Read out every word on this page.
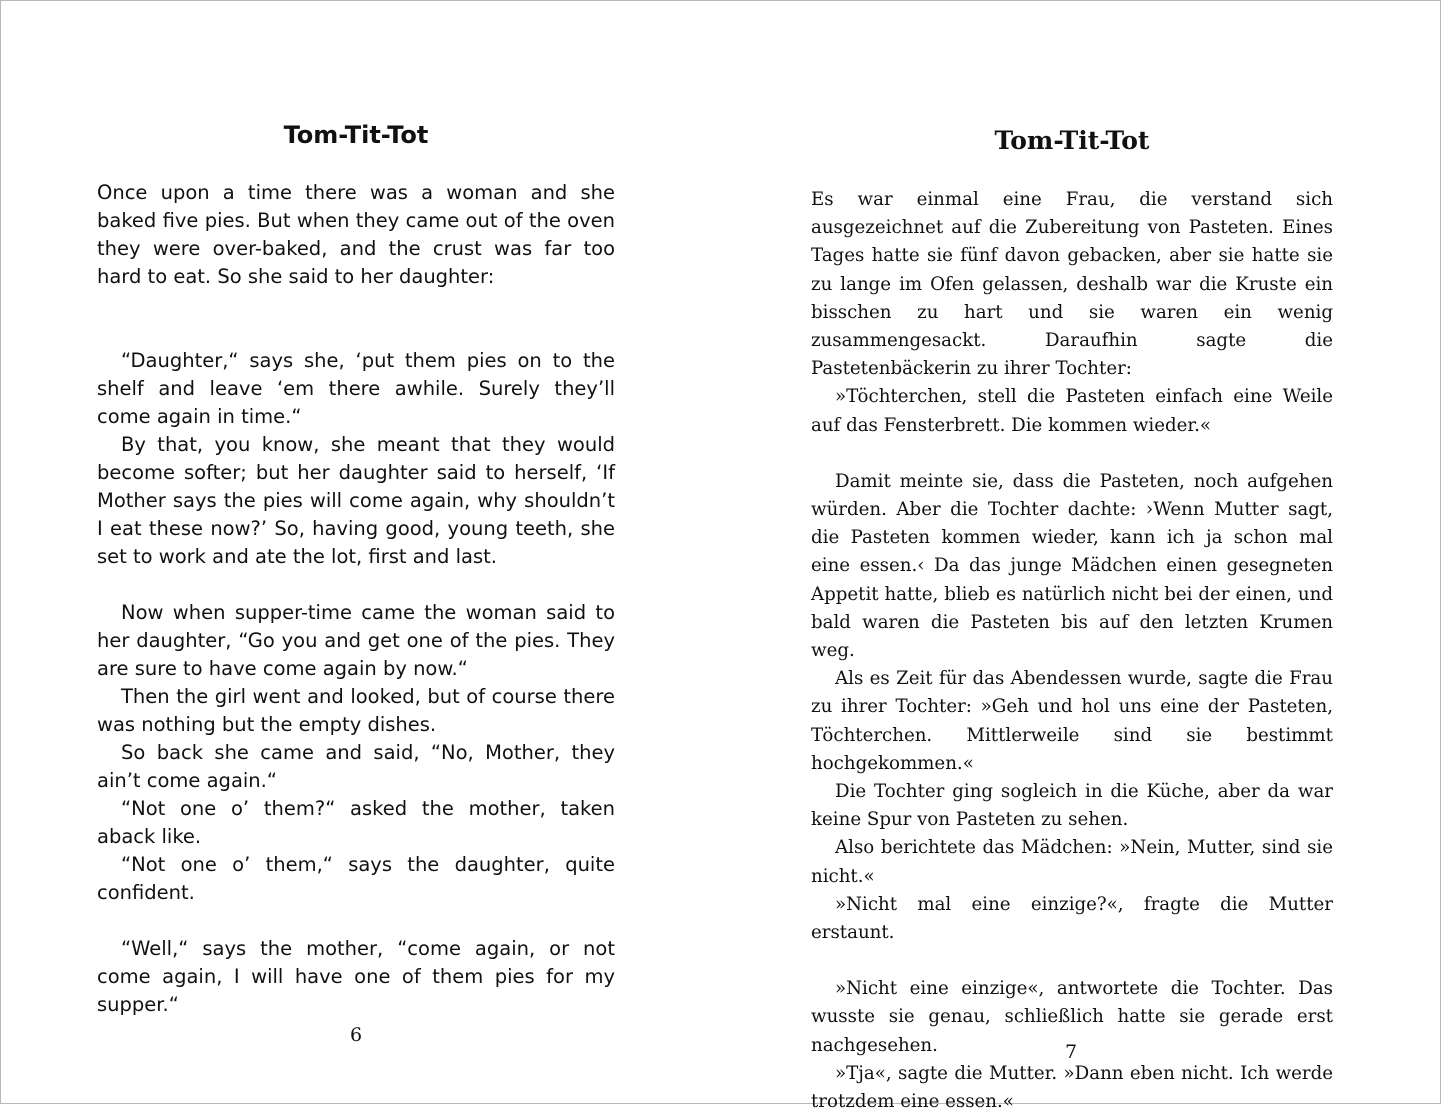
Tom-Tit-Tot

Once upon a time there was a woman and she baked five pies. But when they came out of the oven they were over-baked, and the crust was far too hard to eat. So she said to her daughter:

“Daughter,“ says she, ‘put them pies on to the shelf and leave ‘em there awhile. Surely they’ll come again in time.“

By that, you know, she meant that they would become softer; but her daughter said to herself, ‘If Mother says the pies will come again, why shouldn’t I eat these now?’ So, having good, young teeth, she set to work and ate the lot, first and last.

Now when supper-time came the woman said to her daughter, “Go you and get one of the pies. They are sure to have come again by now.“

Then the girl went and looked, but of course there was nothing but the empty dishes.

So back she came and said, “No, Mother, they ain’t come again.“

“Not one o’ them?“ asked the mother, taken aback like.

“Not one o’ them,“ says the daughter, quite confident.

“Well,“ says the mother, “come again, or not come again, I will have one of them pies for my supper.“

6
Tom-Tit-Tot

Es war einmal eine Frau, die verstand sich ausgezeichnet auf die Zubereitung von Pasteten. Eines Tages hatte sie fünf davon gebacken, aber sie hatte sie zu lange im Ofen gelassen, deshalb war die Kruste ein bisschen zu hart und sie waren ein wenig zusammengesackt. Daraufhin sagte die Pastetenbäckerin zu ihrer Tochter:

»Töchterchen, stell die Pasteten einfach eine Weile auf das Fensterbrett. Die kommen wieder.«

Damit meinte sie, dass die Pasteten, noch aufgehen würden. Aber die Tochter dachte: ›Wenn Mutter sagt, die Pasteten kommen wieder, kann ich ja schon mal eine essen.‹ Da das junge Mädchen einen gesegneten Appetit hatte, blieb es natürlich nicht bei der einen, und bald waren die Pasteten bis auf den letzten Krumen weg.

Als es Zeit für das Abendessen wurde, sagte die Frau zu ihrer Tochter: »Geh und hol uns eine der Pasteten, Töchterchen. Mittlerweile sind sie bestimmt hochgekommen.«

Die Tochter ging sogleich in die Küche, aber da war keine Spur von Pasteten zu sehen.

Also berichtete das Mädchen: »Nein, Mutter, sind sie nicht.«

»Nicht mal eine einzige?«, fragte die Mutter erstaunt.

»Nicht eine einzige«, antwortete die Tochter. Das wusste sie genau, schließlich hatte sie gerade erst nachgesehen.

»Tja«, sagte die Mutter. »Dann eben nicht. Ich werde trotzdem eine essen.«

7
